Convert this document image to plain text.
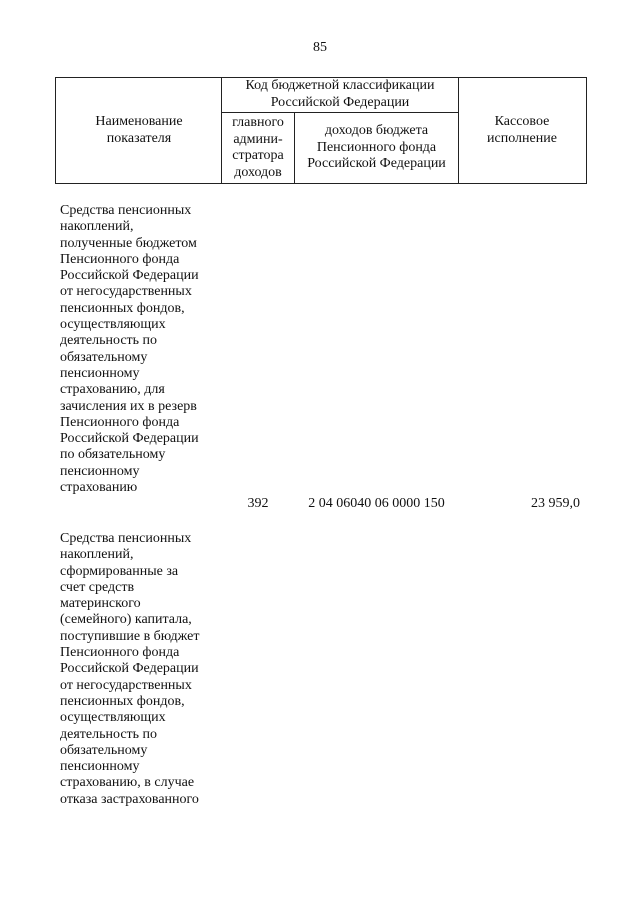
85
Наименование показателя
Код бюджетной классификации Российской Федерации
главного админи-стратора доходов
доходов бюджета Пенсионного фонда Российской Федерации
Кассовое исполнение

Средства пенсионных
накоплений,
полученные бюджетом
Пенсионного фонда
Российской Федерации
от негосударственных
пенсионных фондов,
осуществляющих
деятельность по
обязательному
пенсионному
страхованию, для
зачисления их в резерв
Пенсионного фонда
Российской Федерации
по обязательному
пенсионному
страхованию

392	2 04 06040 06 0000 150	23 959,0

Средства пенсионных
накоплений,
сформированные за
счет средств
материнского
(семейного) капитала,
поступившие в бюджет
Пенсионного фонда
Российской Федерации
от негосударственных
пенсионных фондов,
осуществляющих
деятельность по
обязательному
пенсионному
страхованию, в случае
отказа застрахованного
